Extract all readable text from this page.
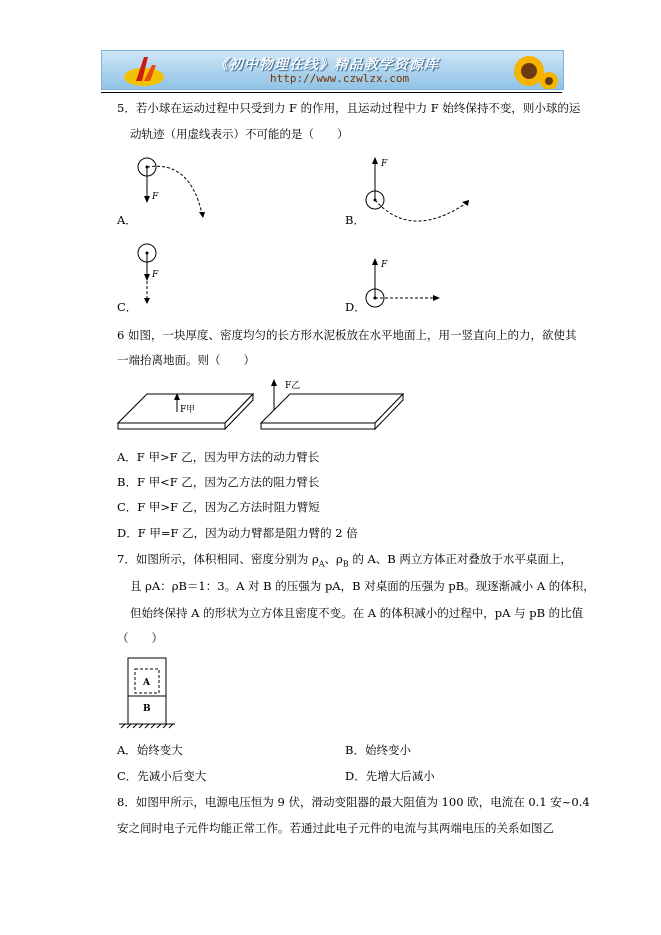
《初中物理在线》精品教学资源库
http://www.czwlzx.com
5．若小球在运动过程中只受到力 F 的作用，且运动过程中力 F 始终保持不变，则小球的运
动轨迹（用虚线表示）不可能的是（　　）
F
A．
F
B．
F
C．
F
D．
6 如图，一块厚度、密度均匀的长方形水泥板放在水平地面上，用一竖直向上的力，欲使其
一端抬离地面。则（　　）
F甲
F乙
A．F 甲>F 乙，因为甲方法的动力臂长
B．F 甲<F 乙，因为乙方法的阻力臂长
C．F 甲>F 乙，因为乙方法时阻力臂短
D．F 甲=F 乙，因为动力臂都是阻力臂的 2 倍
7．如图所示，体积相同、密度分别为 $\rho_A$、$\rho_B$ 的 A、B 两立方体正对叠放于水平桌面上，
且 ρA：ρB＝1：3。A 对 B 的压强为 pA，B 对桌面的压强为 pB。现逐渐减小 A 的体积，
但始终保持 A 的形状为立方体且密度不变。在 A 的体积减小的过程中，pA 与 pB 的比值
（　　）
A
B
A．始终变大	B．始终变小
C．先减小后变大	D．先增大后减小
8．如图甲所示，电源电压恒为 9 伏，滑动变阻器的最大阻值为 100 欧，电流在 0.1 安~0.4
安之间时电子元件均能正常工作。若通过此电子元件的电流与其两端电压的关系如图乙
